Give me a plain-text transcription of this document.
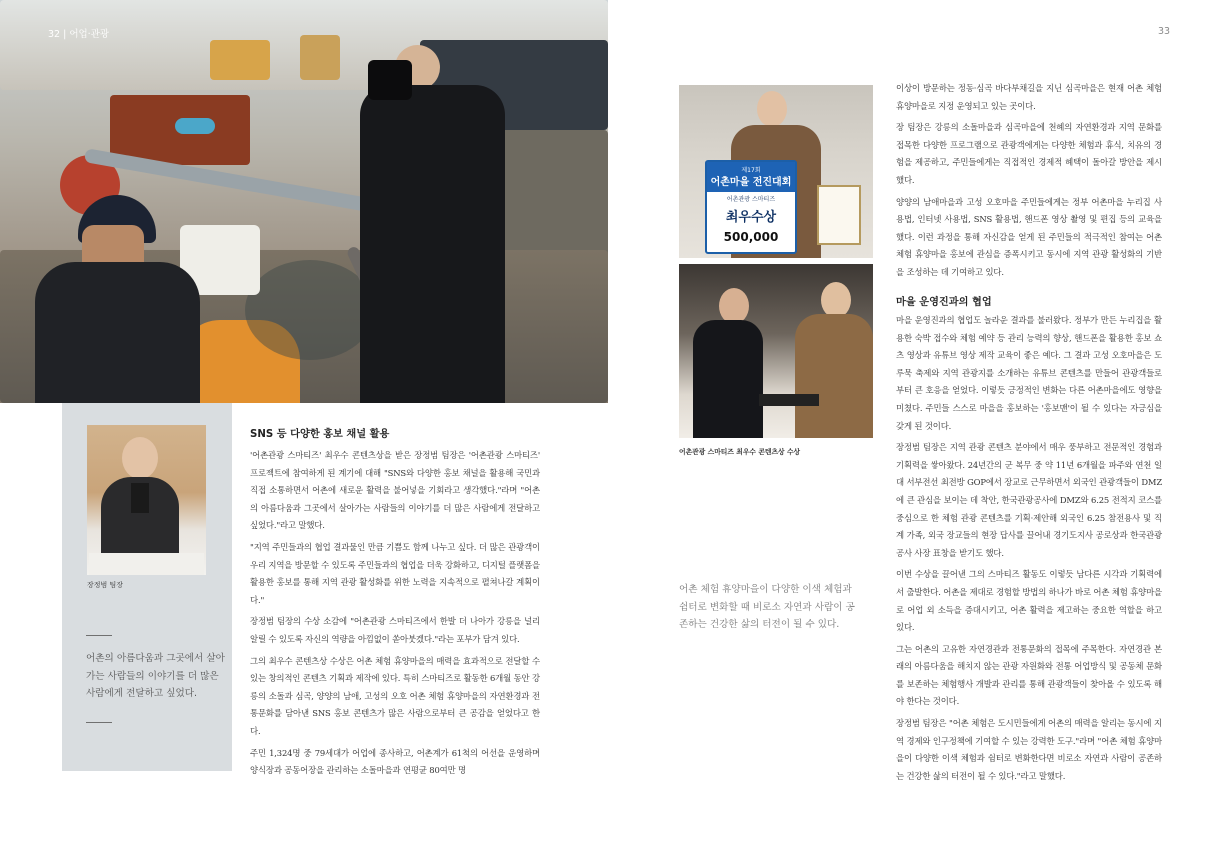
32 | 어업·관광
장정범 팀장
어촌의 아름다움과 그곳에서 살아가는 사람들의 이야기를 더 많은 사람에게 전달하고 싶었다.
SNS 등 다양한 홍보 채널 활용

'어촌관광 스마티즈' 최우수 콘텐츠상을 받은 장정범 팀장은 '어촌관광 스마티즈' 프로젝트에 참여하게 된 계기에 대해 "SNS와 다양한 홍보 채널을 활용해 국민과 직접 소통하면서 어촌에 새로운 활력을 불어넣을 기회라고 생각했다."라며 "어촌의 아름다움과 그곳에서 살아가는 사람들의 이야기를 더 많은 사람에게 전달하고 싶었다."라고 말했다.

"지역 주민들과의 협업 결과물인 만큼 기쁨도 함께 나누고 싶다. 더 많은 관광객이 우리 지역을 방문할 수 있도록 주민들과의 협업을 더욱 강화하고, 디지털 플랫폼을 활용한 홍보를 통해 지역 관광 활성화를 위한 노력을 지속적으로 펼쳐나갈 계획이다."

장정범 팀장의 수상 소감에 "어촌관광 스마티즈에서 한발 더 나아가 강릉을 널리 알릴 수 있도록 자신의 역량을 아낌없이 쏟아붓겠다."라는 포부가 담겨 있다.

그의 최우수 콘텐츠상 수상은 어촌 체험 휴양마을의 매력을 효과적으로 전달할 수 있는 창의적인 콘텐츠 기획과 제작에 있다. 특히 스마티즈로 활동한 6개월 동안 강릉의 소돌과 심곡, 양양의 남애, 고성의 오호 어촌 체험 휴양마을의 자연환경과 전통문화를 담아낸 SNS 홍보 콘텐츠가 많은 사람으로부터 큰 공감을 얻었다고 한다.

주민 1,324명 중 79세대가 어업에 종사하고, 어촌계가 61척의 어선을 운영하며 양식장과 공동어장을 관리하는 소돌마을과 연평균 80여만 명

33
제17회
어촌마을 전진대회
어촌관광 스마티즈
최우수상
500,000
어촌관광 스마티즈 최우수 콘텐츠상 수상
어촌 체험 휴양마을이 다양한 이색 체험과 쉼터로 변화할 때 비로소 자연과 사람이 공존하는 건강한 삶의 터전이 될 수 있다.

이상이 방문하는 정동·심곡 바다부채길을 지닌 심곡마을은 현재 어촌 체험 휴양마을로 지정 운영되고 있는 곳이다.

장 팀장은 강릉의 소돌마을과 심곡마을에 천혜의 자연환경과 지역 문화를 접목한 다양한 프로그램으로 관광객에게는 다양한 체험과 휴식, 치유의 경험을 제공하고, 주민들에게는 직접적인 경제적 혜택이 돌아갈 방안을 제시했다.

양양의 남애마을과 고성 오호마을 주민들에게는 정부 어촌마을 누리집 사용법, 인터넷 사용법, SNS 활용법, 핸드폰 영상 촬영 및 편집 등의 교육을 했다. 이런 과정을 통해 자신감을 얻게 된 주민들의 적극적인 참여는 어촌 체험 휴양마을 홍보에 관심을 증폭시키고 동시에 지역 관광 활성화의 기반을 조성하는 데 기여하고 있다.

마을 운영진과의 협업

마을 운영진과의 협업도 놀라운 결과를 불러왔다. 정부가 만든 누리집을 활용한 숙박 접수와 체험 예약 등 관리 능력의 향상, 핸드폰을 활용한 홍보 쇼츠 영상과 유튜브 영상 제작 교육이 좋은 예다. 그 결과 고성 오호마을은 도루묵 축제와 지역 관광지를 소개하는 유튜브 콘텐츠를 만들어 관광객들로부터 큰 호응을 얻었다. 이렇듯 긍정적인 변화는 다른 어촌마을에도 영향을 미쳤다. 주민들 스스로 마을을 홍보하는 '홍보맨'이 될 수 있다는 자긍심을 갖게 된 것이다.

장정범 팀장은 지역 관광 콘텐츠 분야에서 매우 풍부하고 전문적인 경험과 기획력을 쌓아왔다. 24년간의 군 복무 중 약 11년 6개월을 파주와 연천 일대 서부전선 최전방 GOP에서 장교로 근무하면서 외국인 관광객들이 DMZ에 큰 관심을 보이는 데 착안, 한국관광공사에 DMZ와 6.25 전적지 코스를 중심으로 한 체험 관광 콘텐츠를 기획·제안해 외국인 6.25 참전용사 및 직계 가족, 외국 장교들의 현장 답사를 끌어내 경기도지사 공로상과 한국관광공사 사장 표창을 받기도 했다.

이번 수상을 끌어낸 그의 스마티즈 활동도 이렇듯 남다른 시각과 기획력에서 출발한다. 어촌을 제대로 경험할 방법의 하나가 바로 어촌 체험 휴양마을로 어업 외 소득을 증대시키고, 어촌 활력을 제고하는 중요한 역할을 하고 있다.

그는 어촌의 고유한 자연경관과 전통문화의 접목에 주목한다. 자연경관 본래의 아름다움을 해치지 않는 관광 자원화와 전통 어업방식 및 공동체 문화를 보존하는 체험행사 개발과 관리를 통해 관광객들이 찾아올 수 있도록 해야 한다는 것이다.

장정범 팀장은 "어촌 체험은 도시민들에게 어촌의 매력을 알리는 동시에 지역 경제와 인구정책에 기여할 수 있는 강력한 도구."라며 "어촌 체험 휴양마을이 다양한 이색 체험과 쉼터로 변화한다면 비로소 자연과 사람이 공존하는 건강한 삶의 터전이 될 수 있다."라고 말했다.
